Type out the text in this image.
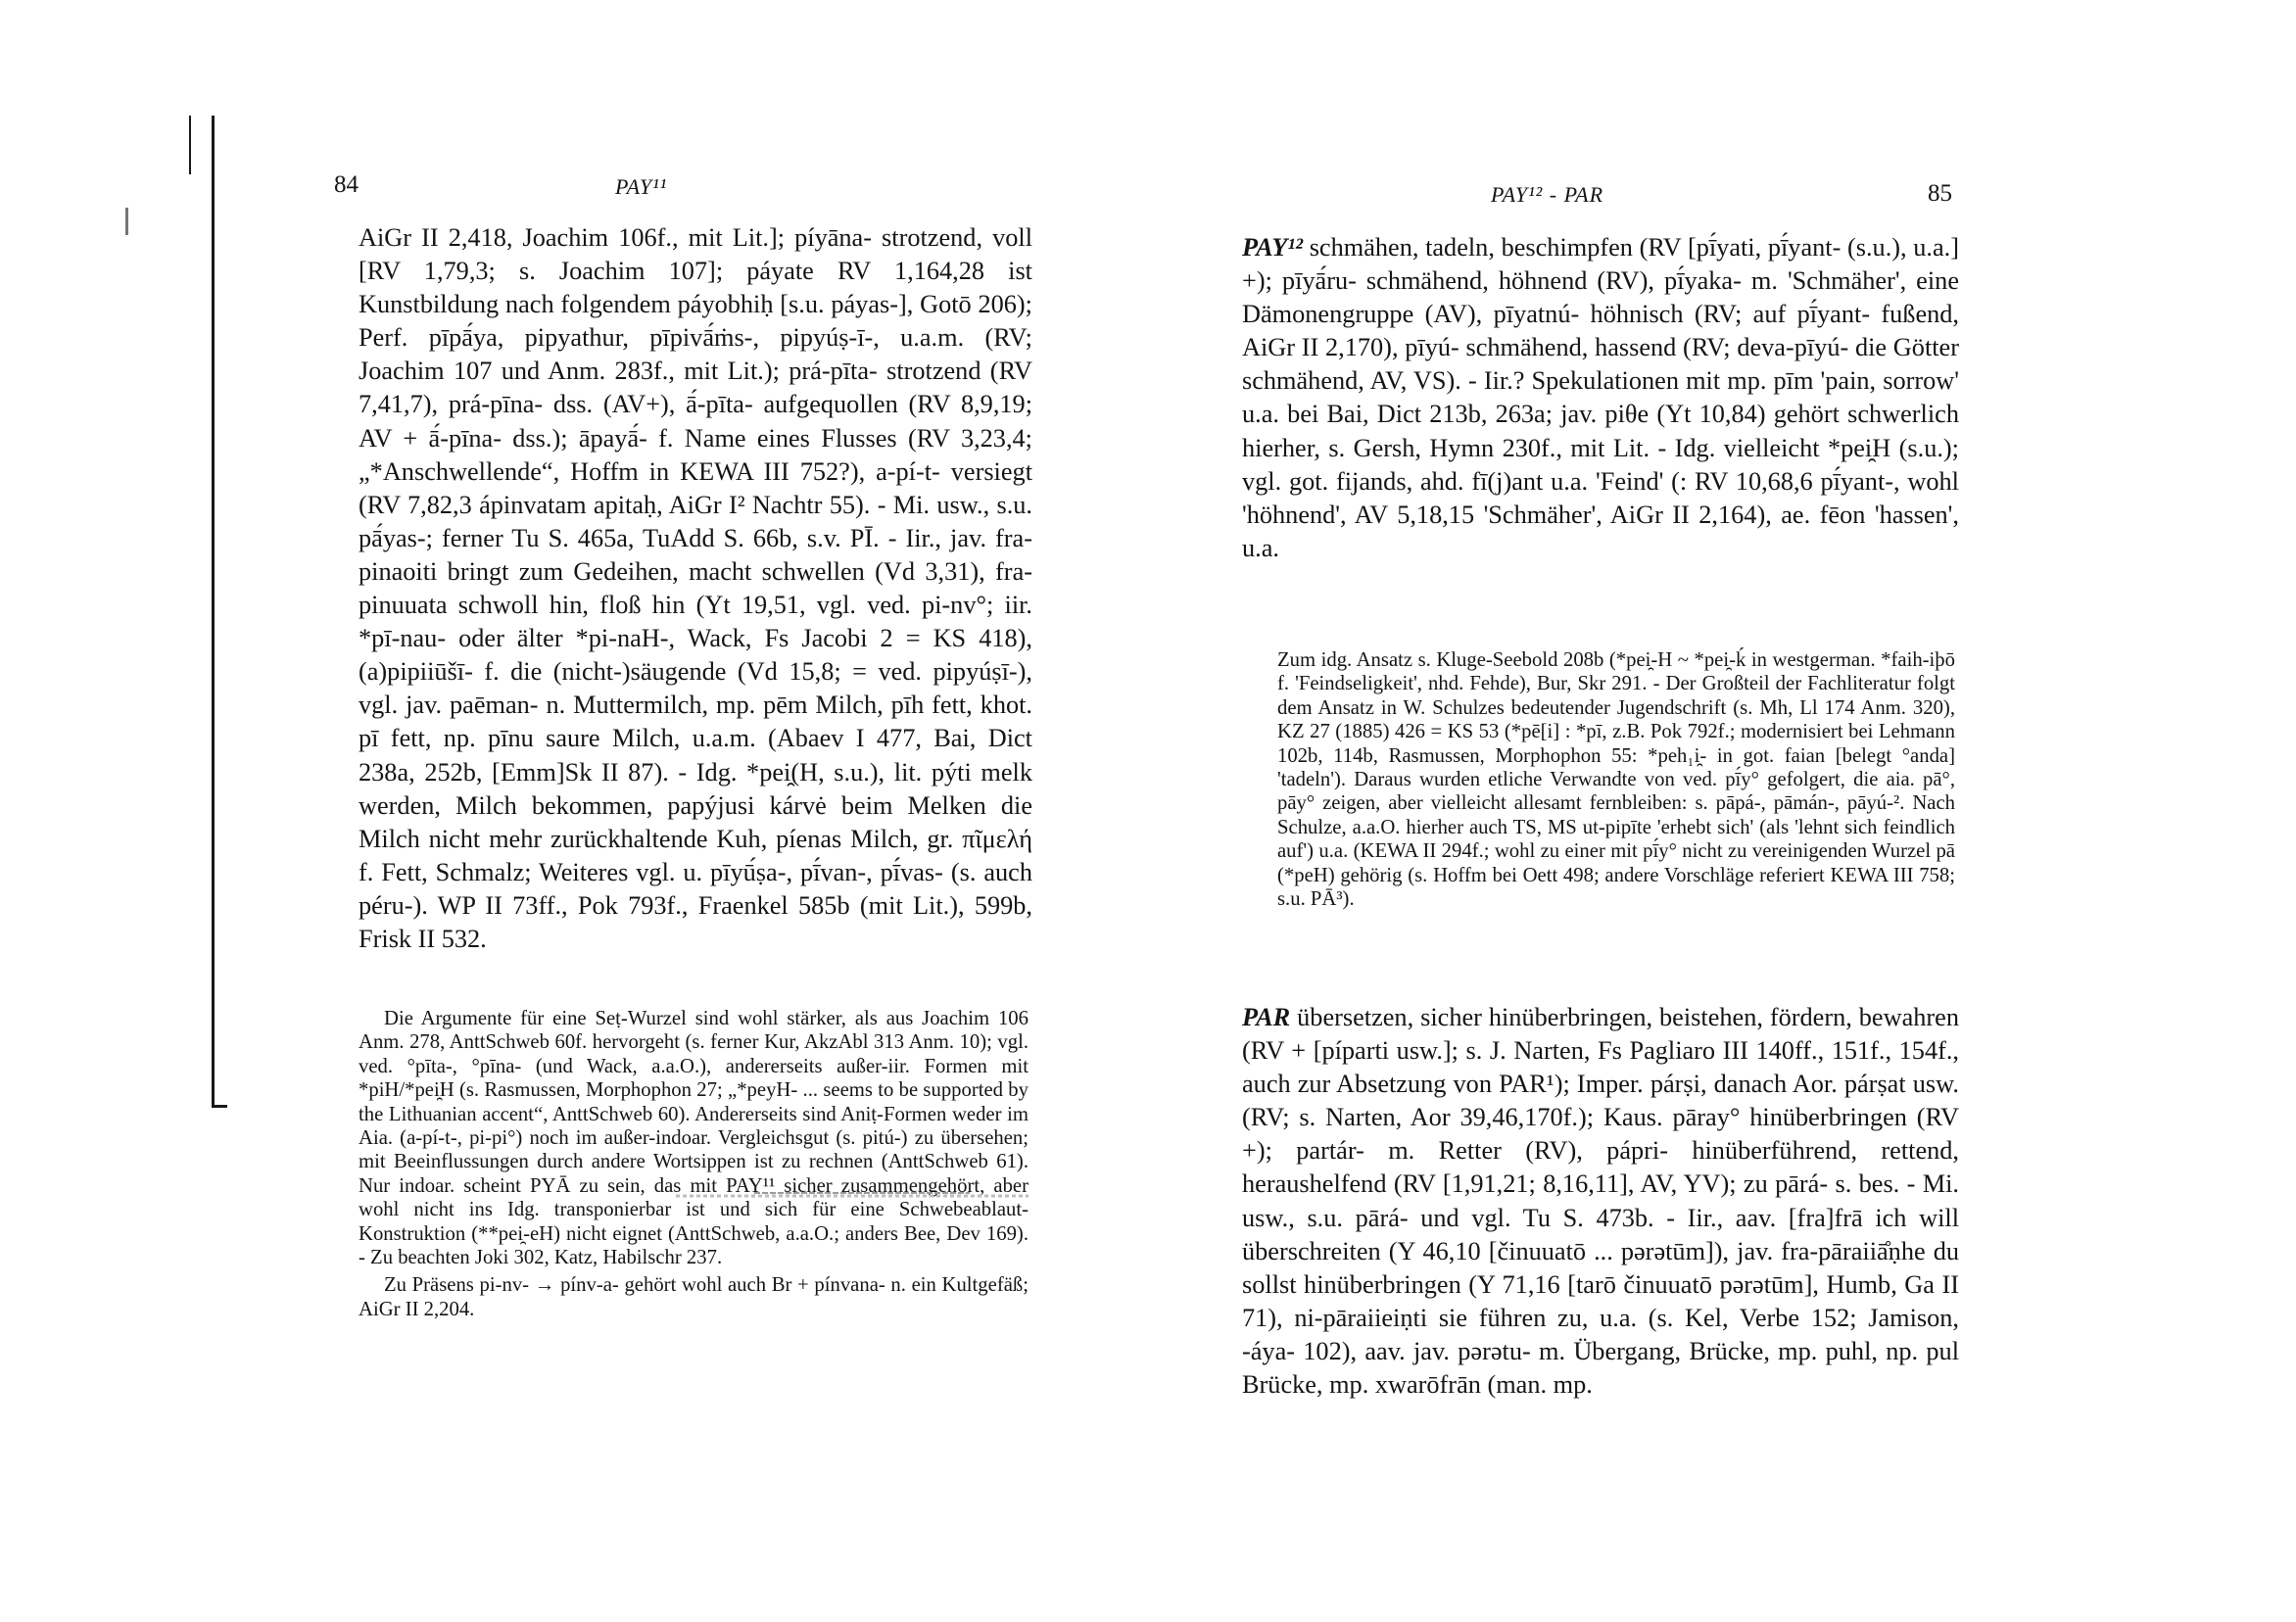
84	PAY¹¹

AiGr II 2,418, Joachim 106f., mit Lit.]; píyāna- strotzend, voll [RV 1,79,3; s. Joachim 107]; páyate RV 1,164,28 ist Kunstbildung nach folgendem páyobhiḥ [s.u. páyas-], Gotō 206); Perf. pīpā́ya, pipyathur, pīpivā́ṁs-, pipyúṣ-ī-, u.a.m. (RV; Joachim 107 und Anm. 283f., mit Lit.); prá-pīta- strotzend (RV 7,41,7), prá-pīna- dss. (AV+), ā́-pīta- aufgequollen (RV 8,9,19; AV + ā́-pīna- dss.); āpayā́- f. Name eines Flusses (RV 3,23,4; „*Anschwellende“, Hoffm in KEWA III 752?), a-pí-t- versiegt (RV 7,82,3 ápinvatam apitaḥ, AiGr I² Nachtr 55). - Mi. usw., s.u. pā́yas-; ferner Tu S. 465a, TuAdd S. 66b, s.v. PĪ. - Iir., jav. fra-pinaoiti bringt zum Gedeihen, macht schwellen (Vd 3,31), fra-pinuuata schwoll hin, floß hin (Yt 19,51, vgl. ved. pi-nv°; iir. *pī-nau- oder älter *pi-naH-, Wack, Fs Jacobi 2 = KS 418), (a)pipiiūšī- f. die (nicht-)säugende (Vd 15,8; = ved. pipyúṣī-), vgl. jav. paēman- n. Muttermilch, mp. pēm Milch, pīh fett, khot. pī fett, np. pīnu saure Milch, u.a.m. (Abaev I 477, Bai, Dict 238a, 252b, [Emm]Sk II 87). - Idg. *pei̯(H, s.u.), lit. pýti melk werden, Milch bekommen, papýjusi kárvė beim Melken die Milch nicht mehr zurückhaltende Kuh, píenas Milch, gr. πῖμελή f. Fett, Schmalz; Weiteres vgl. u. pīyū́ṣa-, pī́van-, pī́vas- (s. auch péru-). WP II 73ff., Pok 793f., Fraenkel 585b (mit Lit.), 599b, Frisk II 532.

Die Argumente für eine Seṭ-Wurzel sind wohl stärker, als aus Joachim 106 Anm. 278, AnttSchweb 60f. hervorgeht (s. ferner Kur, AkzAbl 313 Anm. 10); vgl. ved. °pīta-, °pīna- (und Wack, a.a.O.), andererseits außer-iir. Formen mit *piH/*pei̯H (s. Rasmussen, Morphophon 27; „*peyH- ... seems to be supported by the Lithuanian accent“, AnttSchweb 60). Andererseits sind Aniṭ-Formen weder im Aia. (a-pí-t-, pi-pi°) noch im außer-indoar. Vergleichsgut (s. pitú-) zu übersehen; mit Beeinflussungen durch andere Wortsippen ist zu rechnen (AnttSchweb 61). Nur indoar. scheint PYĀ zu sein, das mit PAY¹¹ sicher zusammengehört, aber wohl nicht ins Idg. transponierbar ist und sich für eine Schwebeablaut-Konstruktion (**pei̯-eH) nicht eignet (AnttSchweb, a.a.O.; anders Bee, Dev 169). - Zu beachten Joki 302, Katz, Habilschr 237.

Zu Präsens pi-nv- → pínv-a- gehört wohl auch Br + pínvana- n. ein Kultgefäß; AiGr II 2,204.

PAY¹² - PAR	85

PAY¹² schmähen, tadeln, beschimpfen (RV [pī́yati, pī́yant- (s.u.), u.a.] +); pīyā́ru- schmähend, höhnend (RV), pī́yaka- m. 'Schmäher', eine Dämonengruppe (AV), pīyatnú- höhnisch (RV; auf pī́yant- fußend, AiGr II 2,170), pīyú- schmähend, hassend (RV; deva-pīyú- die Götter schmähend, AV, VS). - Iir.? Spekulationen mit mp. pīm 'pain, sorrow' u.a. bei Bai, Dict 213b, 263a; jav. piθe (Yt 10,84) gehört schwerlich hierher, s. Gersh, Hymn 230f., mit Lit. - Idg. vielleicht *pei̯H (s.u.); vgl. got. fijands, ahd. fī(j)ant u.a. 'Feind' (: RV 10,68,6 pī́yant-, wohl 'höhnend', AV 5,18,15 'Schmäher', AiGr II 2,164), ae. fēon 'hassen', u.a.

Zum idg. Ansatz s. Kluge-Seebold 208b (*pei̯-H ~ *pei̯-ḱ in westgerman. *faih-iþō f. 'Feindseligkeit', nhd. Fehde), Bur, Skr 291. - Der Großteil der Fachliteratur folgt dem Ansatz in W. Schulzes bedeutender Jugendschrift (s. Mh, Ll 174 Anm. 320), KZ 27 (1885) 426 = KS 53 (*pē[i] : *pī, z.B. Pok 792f.; modernisiert bei Lehmann 102b, 114b, Rasmussen, Morphophon 55: *peh₁i̯- in got. faian [belegt °anda] 'tadeln'). Daraus wurden etliche Verwandte von ved. pī́y° gefolgert, die aia. pā°, pāy° zeigen, aber vielleicht allesamt fernbleiben: s. pāpá-, pāmán-, pāyú-². Nach Schulze, a.a.O. hierher auch TS, MS ut-pipīte 'erhebt sich' (als 'lehnt sich feindlich auf') u.a. (KEWA II 294f.; wohl zu einer mit pī́y° nicht zu vereinigenden Wurzel pā (*peH) gehörig (s. Hoffm bei Oett 498; andere Vorschläge referiert KEWA III 758; s.u. PĀ³).

PAR übersetzen, sicher hinüberbringen, beistehen, fördern, bewahren (RV + [píparti usw.]; s. J. Narten, Fs Pagliaro III 140ff., 151f., 154f., auch zur Absetzung von PAR¹); Imper. párṣi, danach Aor. párṣat usw. (RV; s. Narten, Aor 39,46,170f.); Kaus. pāray° hinüberbringen (RV +); partár- m. Retter (RV), pápri- hinüberführend, rettend, heraushelfend (RV [1,91,21; 8,16,11], AV, YV); zu pārá- s. bes. - Mi. usw., s.u. pārá- und vgl. Tu S. 473b. - Iir., aav. [fra]frā ich will überschreiten (Y 46,10 [činuuatō ... pərətūm]), jav. fra-pāraiiā̊ṇhe du sollst hinüberbringen (Y 71,16 [tarō činuuatō pərətūm], Humb, Ga II 71), ni-pāraiieiṇti sie führen zu, u.a. (s. Kel, Verbe 152; Jamison, -áya- 102), aav. jav. pərətu- m. Übergang, Brücke, mp. puhl, np. pul Brücke, mp. xwarōfrān (man. mp.
